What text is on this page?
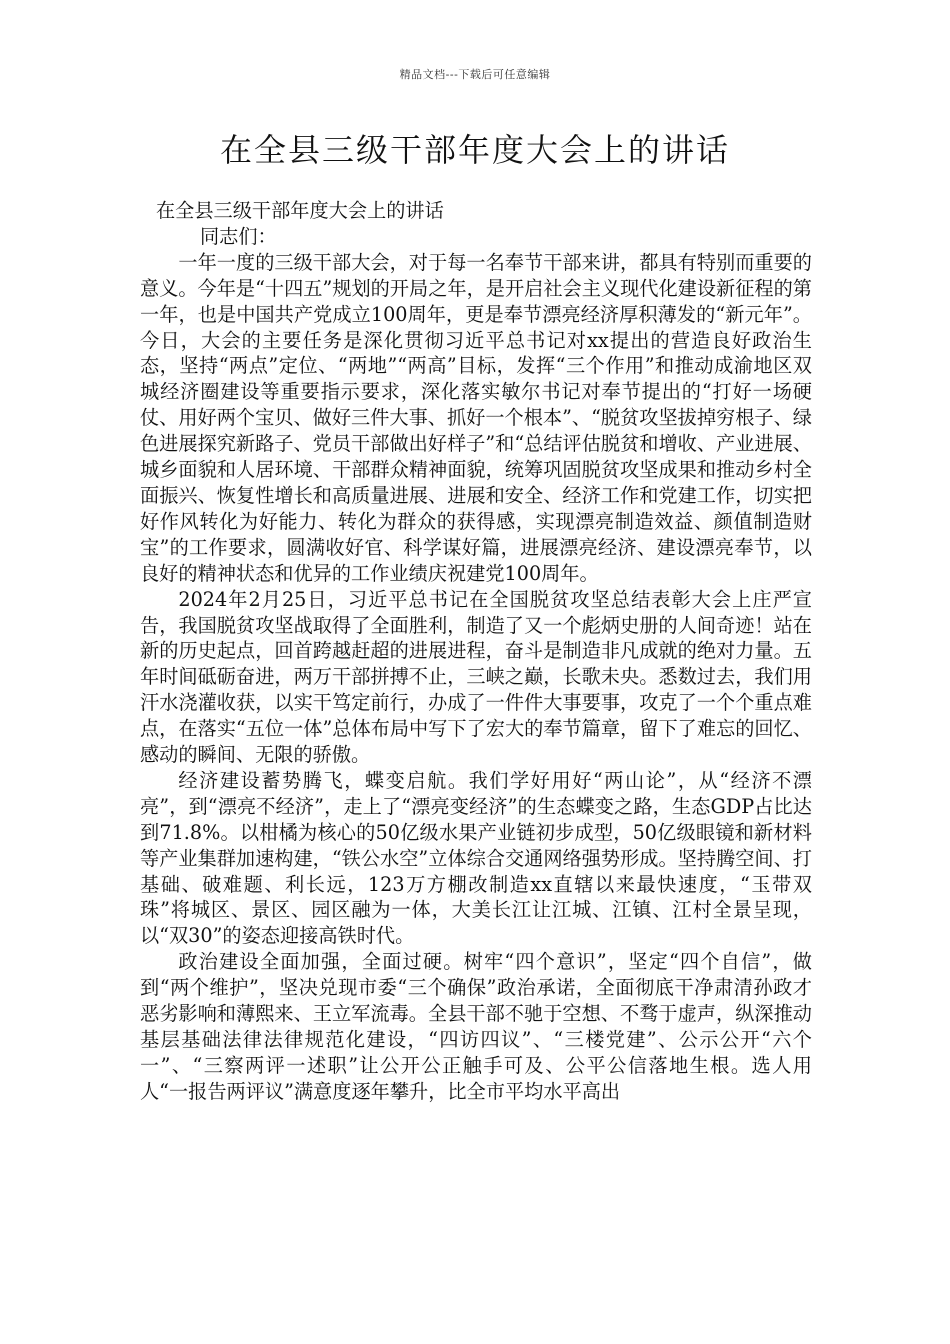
精品文档---下载后可任意编辑
在全县三级干部年度大会上的讲话

在全县三级干部年度大会上的讲话

同志们：

一年一度的三级干部大会，对于每一名奉节干部来讲，都具有特别而重要的意义。今年是“十四五”规划的开局之年，是开启社会主义现代化建设新征程的第一年，也是中国共产党成立100周年，更是奉节漂亮经济厚积薄发的“新元年”。今日，大会的主要任务是深化贯彻习近平总书记对xx提出的营造良好政治生态，坚持“两点”定位、“两地”“两高”目标，发挥“三个作用”和推动成渝地区双城经济圈建设等重要指示要求，深化落实敏尔书记对奉节提出的“打好一场硬仗、用好两个宝贝、做好三件大事、抓好一个根本”、“脱贫攻坚拔掉穷根子、绿色进展探究新路子、党员干部做出好样子”和“总结评估脱贫和增收、产业进展、城乡面貌和人居环境、干部群众精神面貌，统筹巩固脱贫攻坚成果和推动乡村全面振兴、恢复性增长和高质量进展、进展和安全、经济工作和党建工作，切实把好作风转化为好能力、转化为群众的获得感，实现漂亮制造效益、颜值制造财宝”的工作要求，圆满收好官、科学谋好篇，进展漂亮经济、建设漂亮奉节，以良好的精神状态和优异的工作业绩庆祝建党100周年。

2024年2月25日，习近平总书记在全国脱贫攻坚总结表彰大会上庄严宣告，我国脱贫攻坚战取得了全面胜利，制造了又一个彪炳史册的人间奇迹！站在新的历史起点，回首跨越赶超的进展进程，奋斗是制造非凡成就的绝对力量。五年时间砥砺奋进，两万干部拼搏不止，三峡之巅，长歌未央。悉数过去，我们用汗水浇灌收获，以实干笃定前行，办成了一件件大事要事，攻克了一个个重点难点，在落实“五位一体”总体布局中写下了宏大的奉节篇章，留下了难忘的回忆、感动的瞬间、无限的骄傲。

经济建设蓄势腾飞，蝶变启航。我们学好用好“两山论”，从“经济不漂亮”，到“漂亮不经济”，走上了“漂亮变经济”的生态蝶变之路，生态GDP占比达到71.8%。以柑橘为核心的50亿级水果产业链初步成型，50亿级眼镜和新材料等产业集群加速构建，“铁公水空”立体综合交通网络强势形成。坚持腾空间、打基础、破难题、利长远，123万方棚改制造xx直辖以来最快速度，“玉带双珠”将城区、景区、园区融为一体，大美长江让江城、江镇、江村全景呈现，以“双30”的姿态迎接高铁时代。

政治建设全面加强，全面过硬。树牢“四个意识”，坚定“四个自信”，做到“两个维护”，坚决兑现市委“三个确保”政治承诺，全面彻底干净肃清孙政才恶劣影响和薄熙来、王立军流毒。全县干部不驰于空想、不骛于虚声，纵深推动基层基础法律法律规范化建设，“四访四议”、“三楼党建”、公示公开“六个一”、“三察两评一述职”让公开公正触手可及、公平公信落地生根。选人用人“一报告两评议”满意度逐年攀升，比全市平均水平高出
